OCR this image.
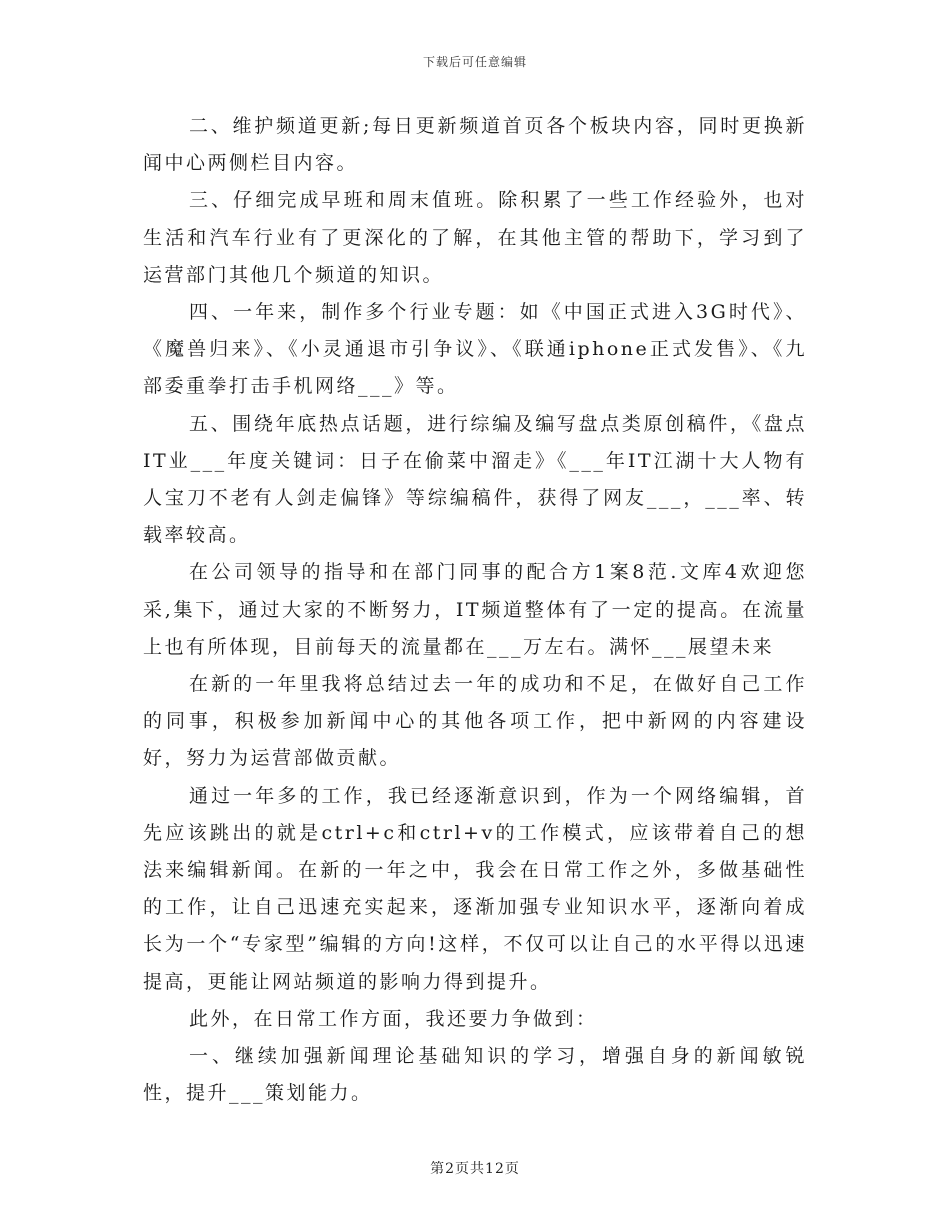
下载后可任意编辑

二、维护频道更新;每日更新频道首页各个板块内容，同时更换新闻中心两侧栏目内容。

三、仔细完成早班和周末值班。除积累了一些工作经验外，也对生活和汽车行业有了更深化的了解，在其他主管的帮助下，学习到了运营部门其他几个频道的知识。

四、一年来，制作多个行业专题：如《中国正式进入3G时代》、《魔兽归来》、《小灵通退市引争议》、《联通iphone正式发售》、《九部委重拳打击手机网络___》等。

五、围绕年底热点话题，进行综编及编写盘点类原创稿件，《盘点IT业___年度关键词：日子在偷菜中溜走》《___年IT江湖十大人物有人宝刀不老有人剑走偏锋》等综编稿件，获得了网友___，___率、转载率较高。

在公司领导的指导和在部门同事的配合方1案8范.文库4欢迎您采,集下，通过大家的不断努力，IT频道整体有了一定的提高。在流量上也有所体现，目前每天的流量都在___万左右。满怀___展望未来

在新的一年里我将总结过去一年的成功和不足，在做好自己工作的同事，积极参加新闻中心的其他各项工作，把中新网的内容建设好，努力为运营部做贡献。

通过一年多的工作，我已经逐渐意识到，作为一个网络编辑，首先应该跳出的就是ctrl+c和ctrl+v的工作模式，应该带着自己的想法来编辑新闻。在新的一年之中，我会在日常工作之外，多做基础性的工作，让自己迅速充实起来，逐渐加强专业知识水平，逐渐向着成长为一个“专家型”编辑的方向!这样，不仅可以让自己的水平得以迅速提高，更能让网站频道的影响力得到提升。

此外，在日常工作方面，我还要力争做到：

一、继续加强新闻理论基础知识的学习，增强自身的新闻敏锐性，提升___策划能力。

第2页共12页
